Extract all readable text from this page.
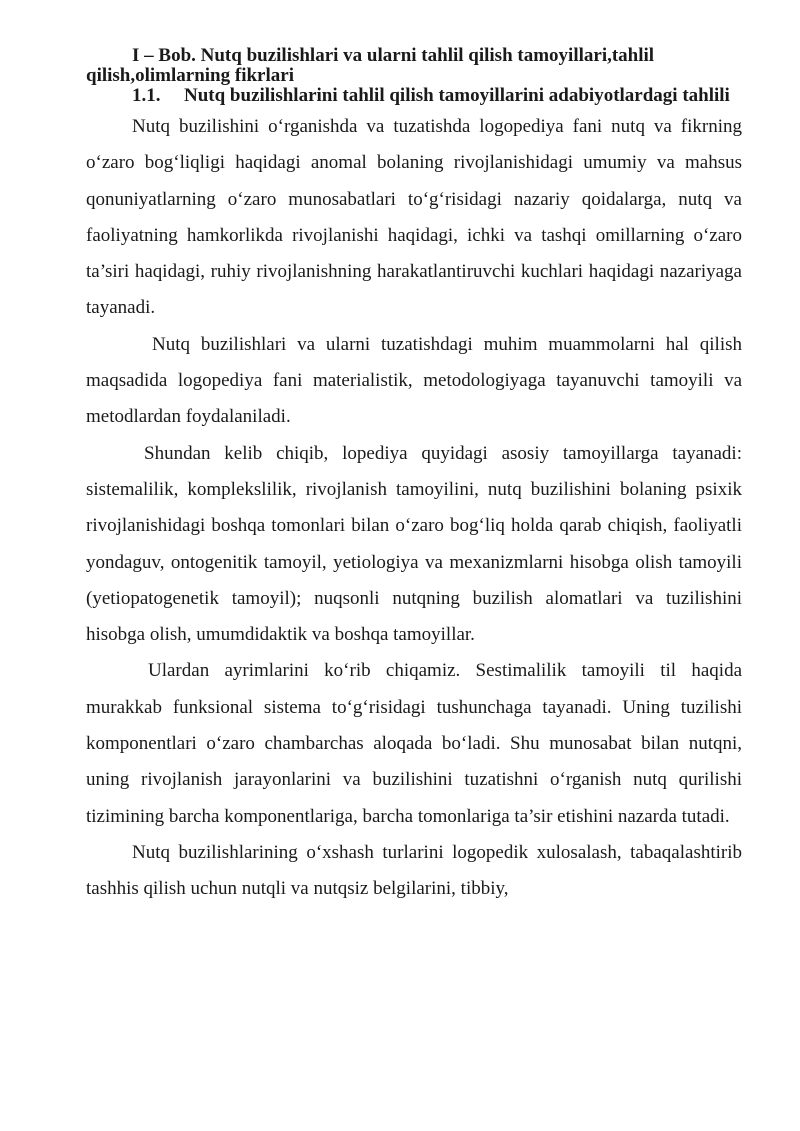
I – Bob. Nutq buzilishlari va ularni tahlil qilish tamoyillari,tahlil qilish,olimlarning fikrlari

1.1. Nutq buzilishlarini tahlil qilish tamoyillarini adabiyotlardagi tahlili

Nutq buzilishini o‘rganishda va tuzatishda logopediya fani nutq va fikrning o‘zaro bog‘liqligi haqidagi anomal bolaning rivojlanishidagi umumiy va mahsus qonuniyatlarning o‘zaro munosabatlari to‘g‘risidagi nazariy qoidalarga, nutq va faoliyatning hamkorlikda rivojlanishi haqidagi, ichki va tashqi omillarning o‘zaro ta’siri haqidagi, ruhiy rivojlanishning harakatlantiruvchi kuchlari haqidagi nazariyaga tayanadi.

Nutq buzilishlari va ularni tuzatishdagi muhim muammolarni hal qilish maqsadida logopediya fani materialistik, metodologiyaga tayanuvchi tamoyili va metodlardan foydalaniladi.

Shundan kelib chiqib, lopediya quyidagi asosiy tamoyillarga tayanadi: sistemalilik, komplekslilik, rivojlanish tamoyilini, nutq buzilishini bolaning psixik rivojlanishidagi boshqa tomonlari bilan o‘zaro bog‘liq holda qarab chiqish, faoliyatli yondaguv, ontogenitik tamoyil, yetiologiya va mexanizmlarni hisobga olish tamoyili (yetiopatogenetik tamoyil); nuqsonli nutqning buzilish alomatlari va tuzilishini hisobga olish, umumdidaktik va boshqa tamoyillar.

Ulardan ayrimlarini ko‘rib chiqamiz. Sestimalilik tamoyili til haqida murakkab funksional sistema to‘g‘risidagi tushunchaga tayanadi. Uning tuzilishi komponentlari o‘zaro chambarchas aloqada bo‘ladi. Shu munosabat bilan nutqni, uning rivojlanish jarayonlarini va buzilishini tuzatishni o‘rganish nutq qurilishi tizimining barcha komponentlariga, barcha tomonlariga ta’sir etishini nazarda tutadi.

Nutq buzilishlarining o‘xshash turlarini logopedik xulosalash, tabaqalashtirib tashhis qilish uchun nutqli va nutqsiz belgilarini, tibbiy,
